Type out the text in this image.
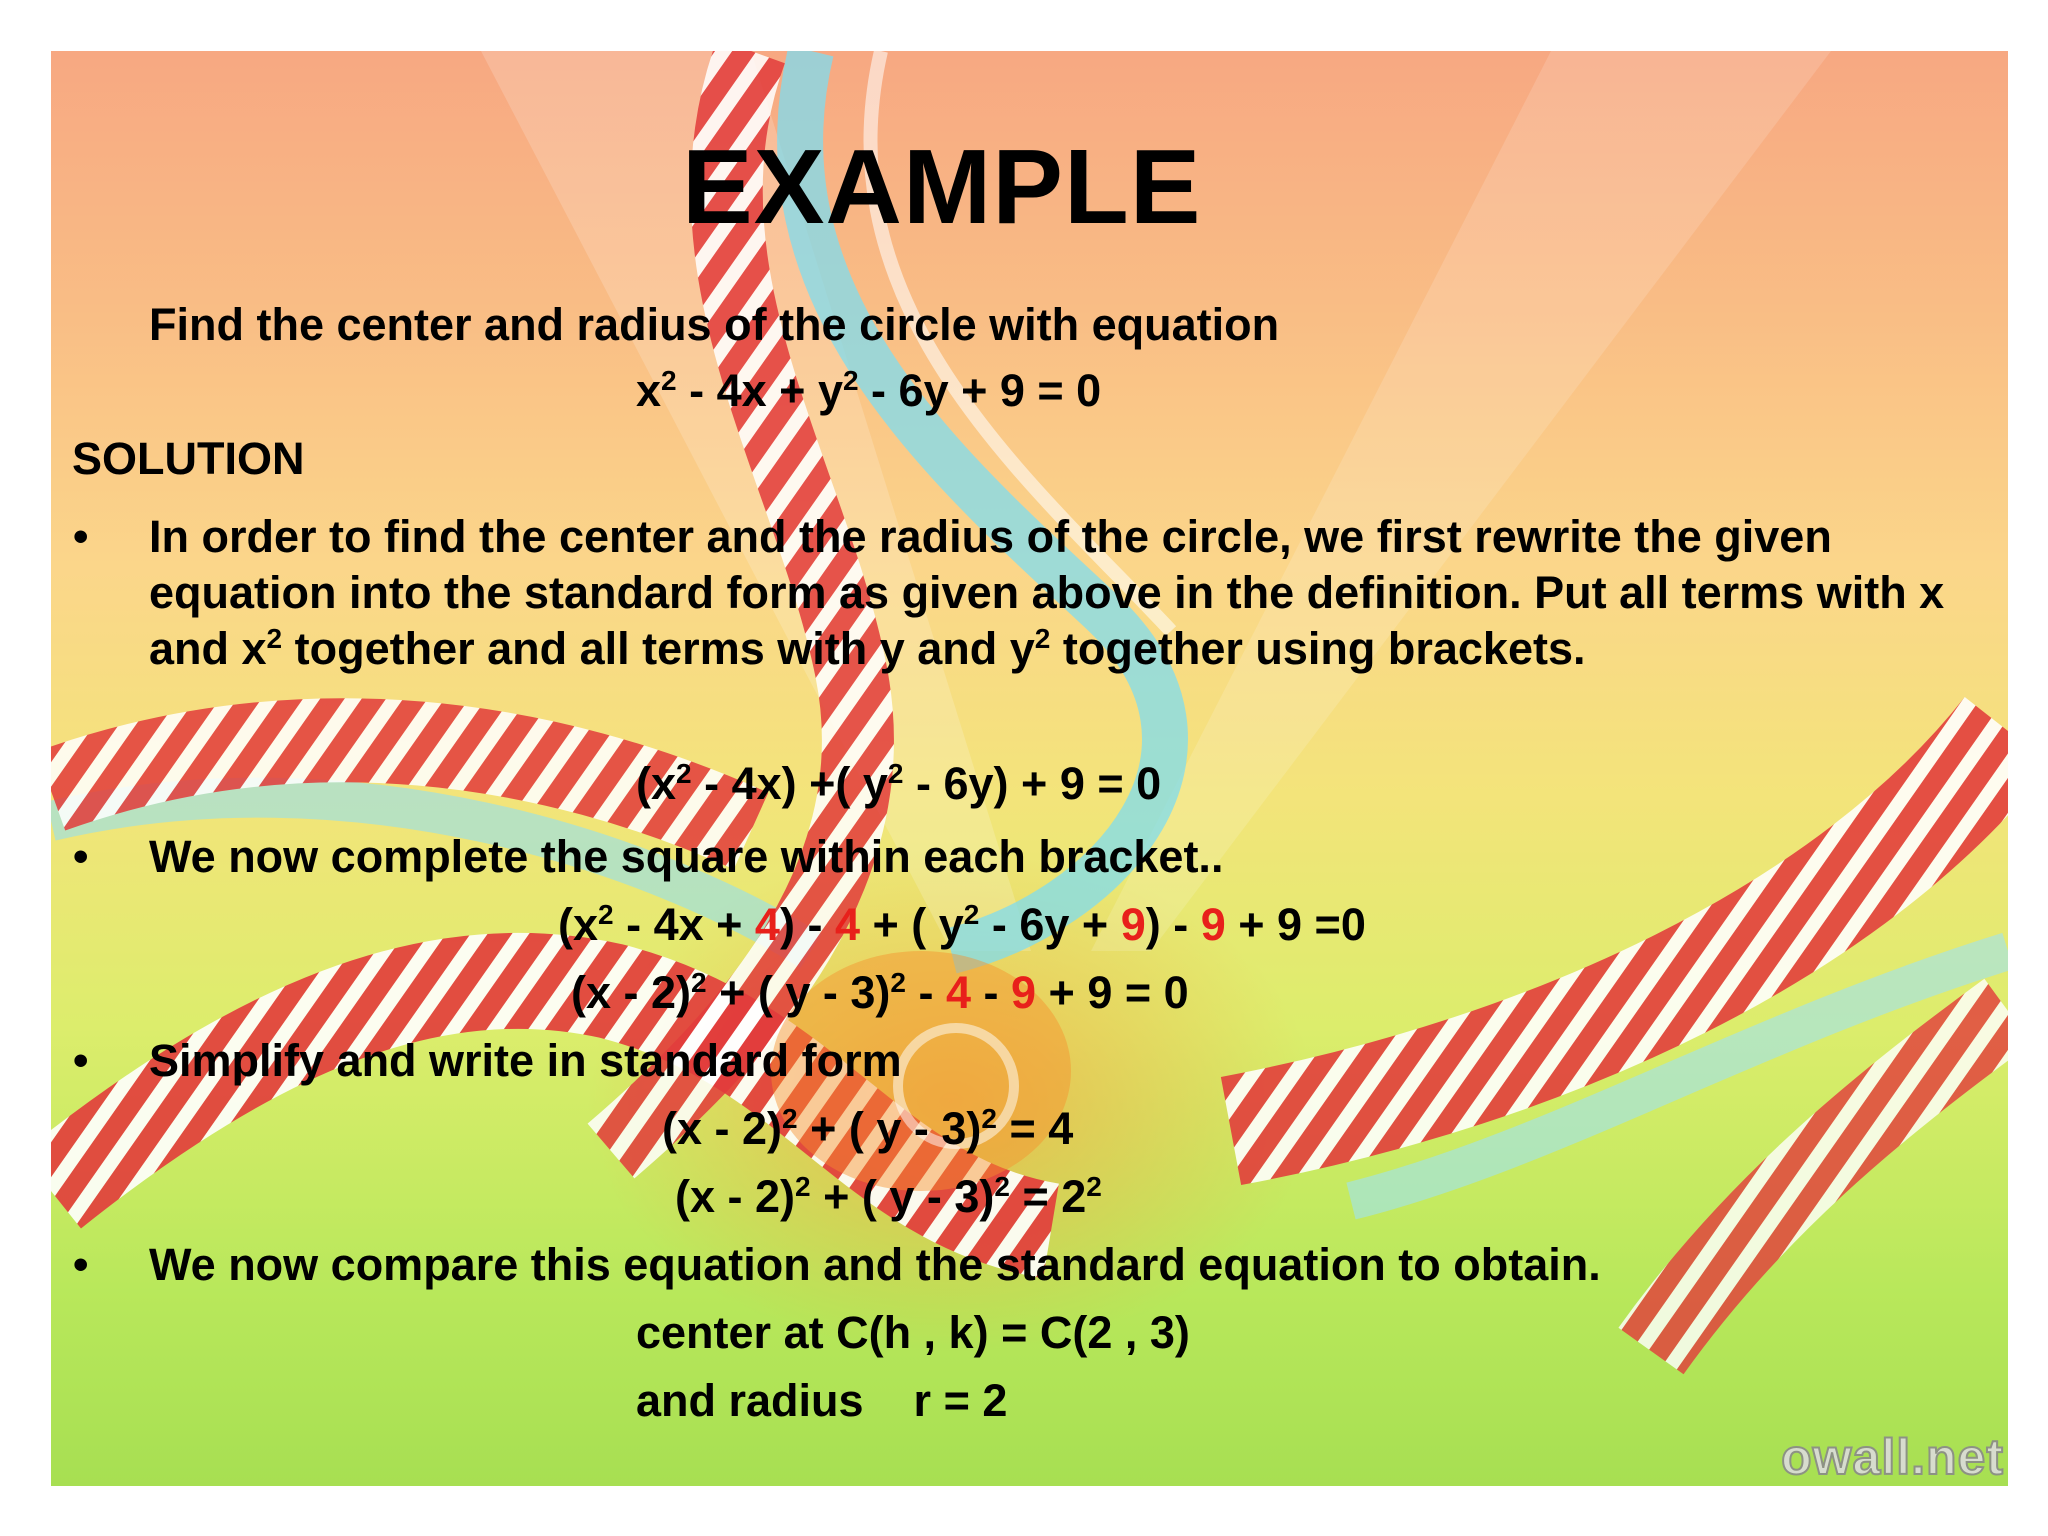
EXAMPLE
Find the center and radius of the circle with equation
$x^2 - 4x + y^2 - 6y + 9 = 0$
SOLUTION
• In order to find the center and the radius of the circle, we first rewrite the given equation into the standard form as given above in the definition. Put all terms with x and $x^2$ together and all terms with y and $y^2$ together using brackets.

$(x^2 - 4x)$ +( $y^2 - 6y) + 9 = 0$
• We now complete the square within each bracket..
$(x^2 - 4x + 4) - 4$ + ( $y^2 - 6y + 9) - 9 + 9 =0$
(x - 2)$^2$ + ( y - 3)$^2$ - 4 - 9 + 9 = 0
• Simplify and write in standard form
(x - 2)$^2$ + ( y - 3)$^2$ = 4
(x - 2)$^2$ + ( $y - 3)^2 = 2^2$
• We now compare this equation and the standard equation to obtain.
center at C(h , k) = C(2 , 3)
and radius    r = 2
owall.net
